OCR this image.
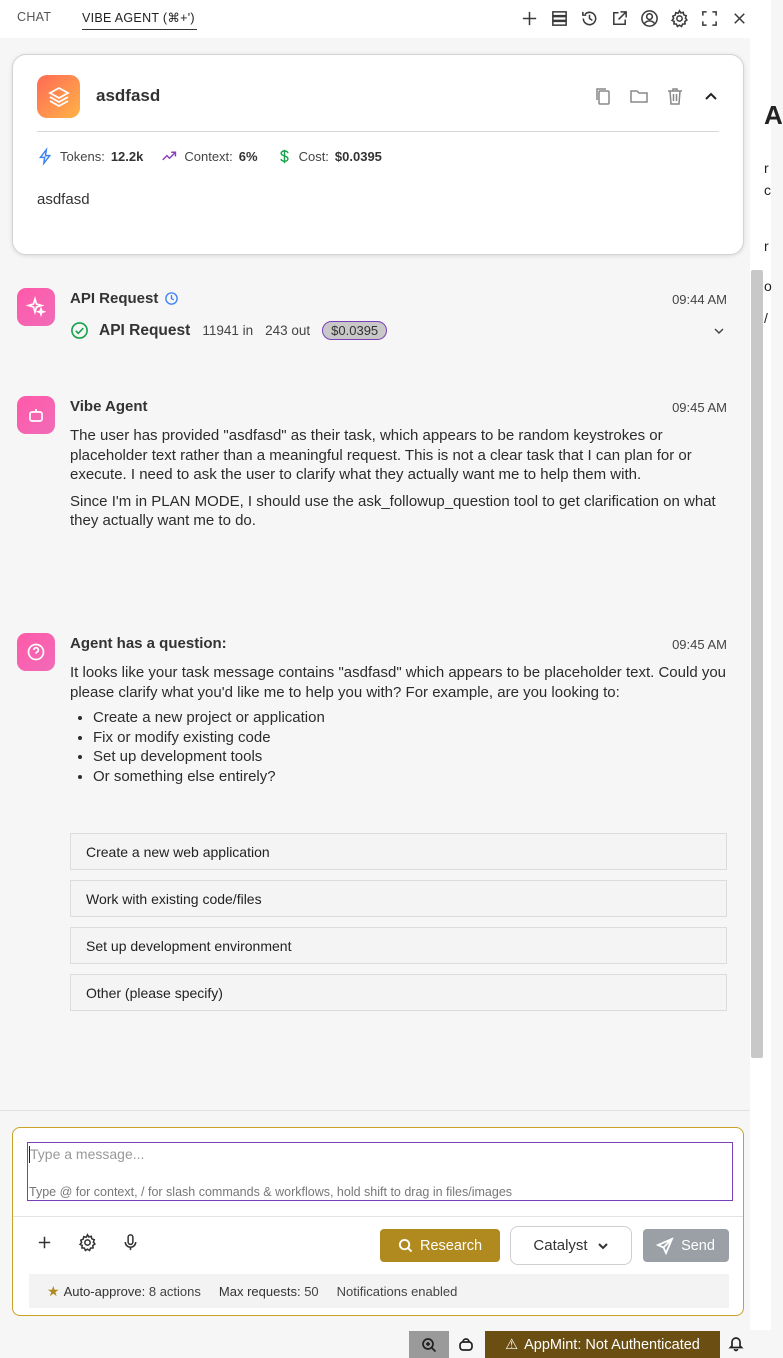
CHAT VIBE AGENT (⌘+')
A
r
c
r
o
/
asdfasd
Tokens: 12.2k	Context: 6%	Cost: $0.0395
asdfasd
API Request	09:44 AM
API Request 11941 in 243 out	$0.0395
Vibe Agent	09:45 AM

The user has provided "asdfasd" as their task, which appears to be random keystrokes or placeholder text rather than a meaningful request. This is not a clear task that I can plan for or execute. I need to ask the user to clarify what they actually want me to help them with.

Since I'm in PLAN MODE, I should use the ask_followup_question tool to get clarification on what they actually want me to do.

Agent has a question:	09:45 AM
It looks like your task message contains "asdfasd" which appears to be placeholder text. Could you please clarify what you'd like me to help you with? For example, are you looking to:
• Create a new project or application
• Fix or modify existing code
• Set up development tools
• Or something else entirely?
Create a new web application
Work with existing code/files
Set up development environment
Other (please specify)
Type a message...
Type @ for context, / for slash commands & workflows, hold shift to drag in files/images
Research	Catalyst	Send
★ Auto-approve: 8 actions Max requests: 50 Notifications enabled
⚠ AppMint: Not Authenticated
